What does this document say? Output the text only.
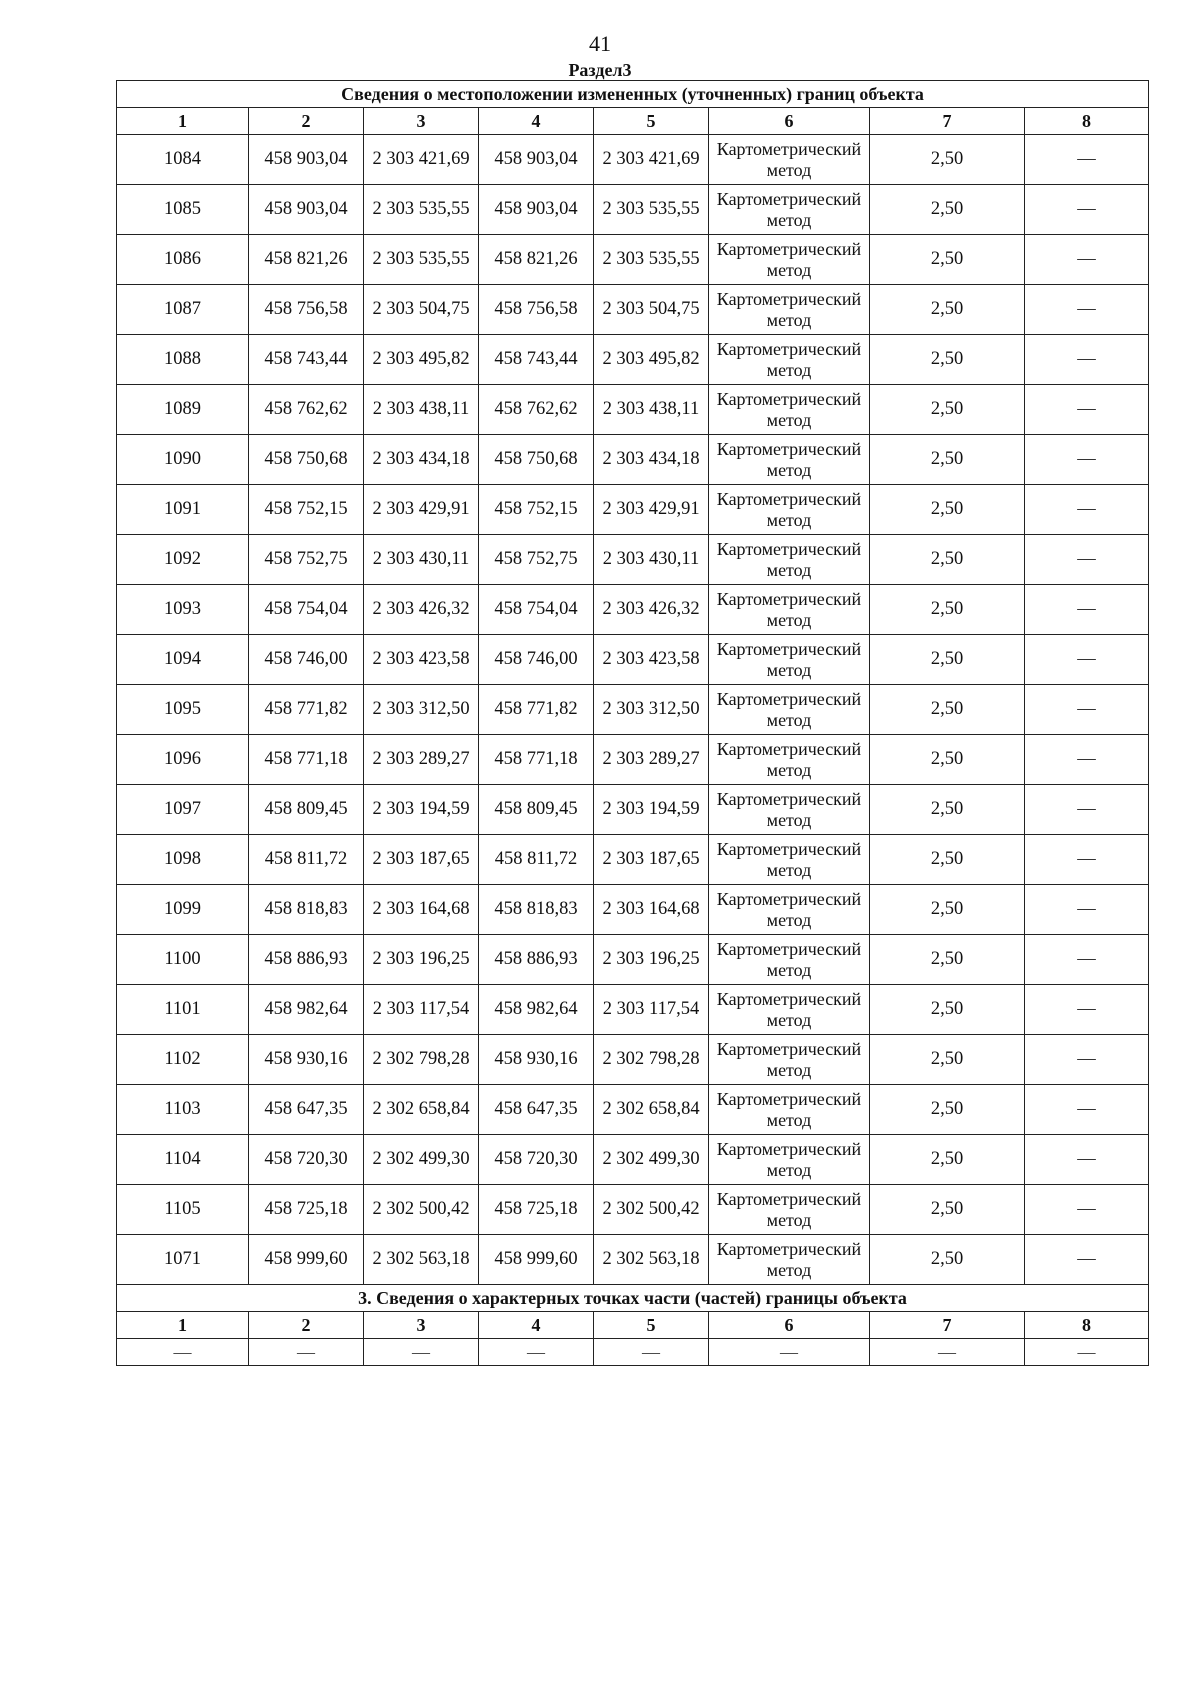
41
Раздел3
Сведения о местоположении измененных (уточненных) границ объекта							
1	2	3	4	5	6	7	8
1084	458 903,04	2 303 421,69	458 903,04	2 303 421,69	Картометрический метод	2,50	—
1085	458 903,04	2 303 535,55	458 903,04	2 303 535,55	Картометрический метод	2,50	—
1086	458 821,26	2 303 535,55	458 821,26	2 303 535,55	Картометрический метод	2,50	—
1087	458 756,58	2 303 504,75	458 756,58	2 303 504,75	Картометрический метод	2,50	—
1088	458 743,44	2 303 495,82	458 743,44	2 303 495,82	Картометрический метод	2,50	—
1089	458 762,62	2 303 438,11	458 762,62	2 303 438,11	Картометрический метод	2,50	—
1090	458 750,68	2 303 434,18	458 750,68	2 303 434,18	Картометрический метод	2,50	—
1091	458 752,15	2 303 429,91	458 752,15	2 303 429,91	Картометрический метод	2,50	—
1092	458 752,75	2 303 430,11	458 752,75	2 303 430,11	Картометрический метод	2,50	—
1093	458 754,04	2 303 426,32	458 754,04	2 303 426,32	Картометрический метод	2,50	—
1094	458 746,00	2 303 423,58	458 746,00	2 303 423,58	Картометрический метод	2,50	—
1095	458 771,82	2 303 312,50	458 771,82	2 303 312,50	Картометрический метод	2,50	—
1096	458 771,18	2 303 289,27	458 771,18	2 303 289,27	Картометрический метод	2,50	—
1097	458 809,45	2 303 194,59	458 809,45	2 303 194,59	Картометрический метод	2,50	—
1098	458 811,72	2 303 187,65	458 811,72	2 303 187,65	Картометрический метод	2,50	—
1099	458 818,83	2 303 164,68	458 818,83	2 303 164,68	Картометрический метод	2,50	—
1100	458 886,93	2 303 196,25	458 886,93	2 303 196,25	Картометрический метод	2,50	—
1101	458 982,64	2 303 117,54	458 982,64	2 303 117,54	Картометрический метод	2,50	—
1102	458 930,16	2 302 798,28	458 930,16	2 302 798,28	Картометрический метод	2,50	—
1103	458 647,35	2 302 658,84	458 647,35	2 302 658,84	Картометрический метод	2,50	—
1104	458 720,30	2 302 499,30	458 720,30	2 302 499,30	Картометрический метод	2,50	—
1105	458 725,18	2 302 500,42	458 725,18	2 302 500,42	Картометрический метод	2,50	—
1071	458 999,60	2 302 563,18	458 999,60	2 302 563,18	Картометрический метод	2,50	—
3. Сведения о характерных точках части (частей) границы объекта							
1	2	3	4	5	6	7	8
—	—	—	—	—	—	—	—
